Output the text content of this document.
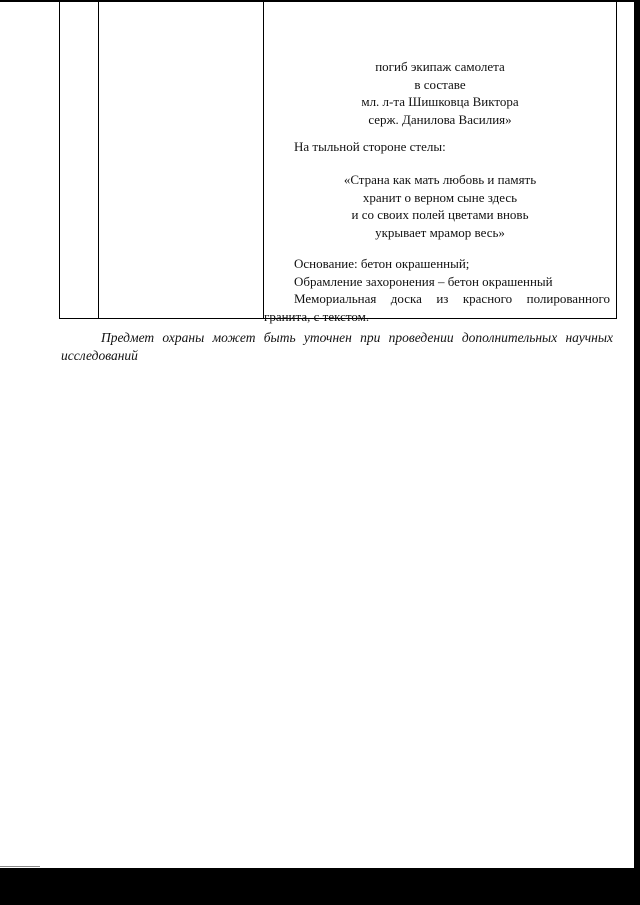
погиб экипаж самолета
в составе
мл. л-та Шишковца Виктора
серж. Данилова Василия»
На тыльной стороне стелы:
«Страна как мать любовь и память
хранит о верном сыне здесь
и со своих полей цветами вновь
укрывает мрамор весь»
Основание: бетон окрашенный;
Обрамление захоронения – бетон окрашенный
Мемориальная доска из красного полированного
гранита, с текстом.
Предмет охраны может быть уточнен при проведении дополнительных научных
исследований
